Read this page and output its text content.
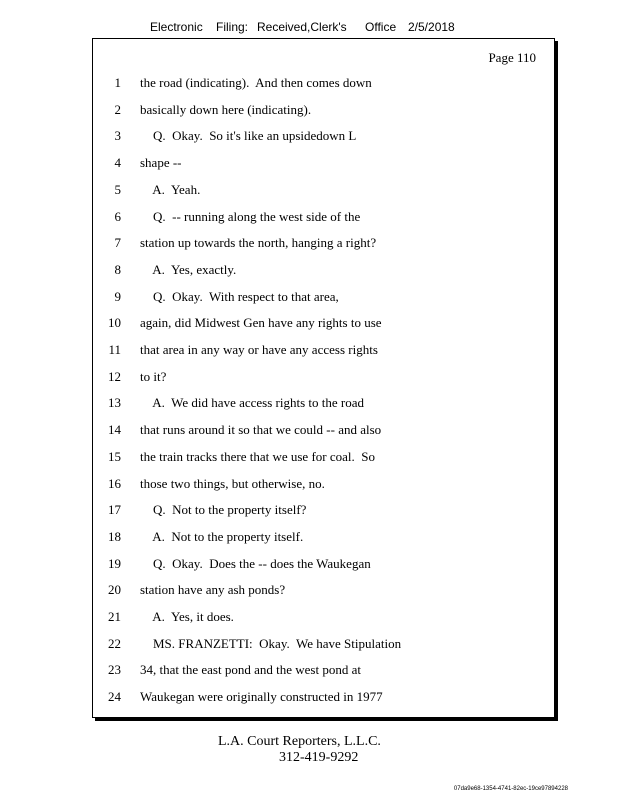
Electronic Filing: Received,Clerk's Office 2/5/2018
Page 110
1 the road (indicating).  And then comes down
2 basically down here (indicating).
3 Q.  Okay.  So it's like an upsidedown L
4 shape --
5 A.  Yeah.
6 Q.  -- running along the west side of the
7 station up towards the north, hanging a right?
8 A.  Yes, exactly.
9 Q.  Okay.  With respect to that area,
10 again, did Midwest Gen have any rights to use
11 that area in any way or have any access rights
12 to it?
13 A.  We did have access rights to the road
14 that runs around it so that we could -- and also
15 the train tracks there that we use for coal.  So
16 those two things, but otherwise, no.
17 Q.  Not to the property itself?
18 A.  Not to the property itself.
19 Q.  Okay.  Does the -- does the Waukegan
20 station have any ash ponds?
21 A.  Yes, it does.
22 MS. FRANZETTI:  Okay.  We have Stipulation
23 34, that the east pond and the west pond at
24 Waukegan were originally constructed in 1977
L.A. Court Reporters, L.L.C.
312-419-9292
07da9e68-1354-4741-82ec-19ce97894228
